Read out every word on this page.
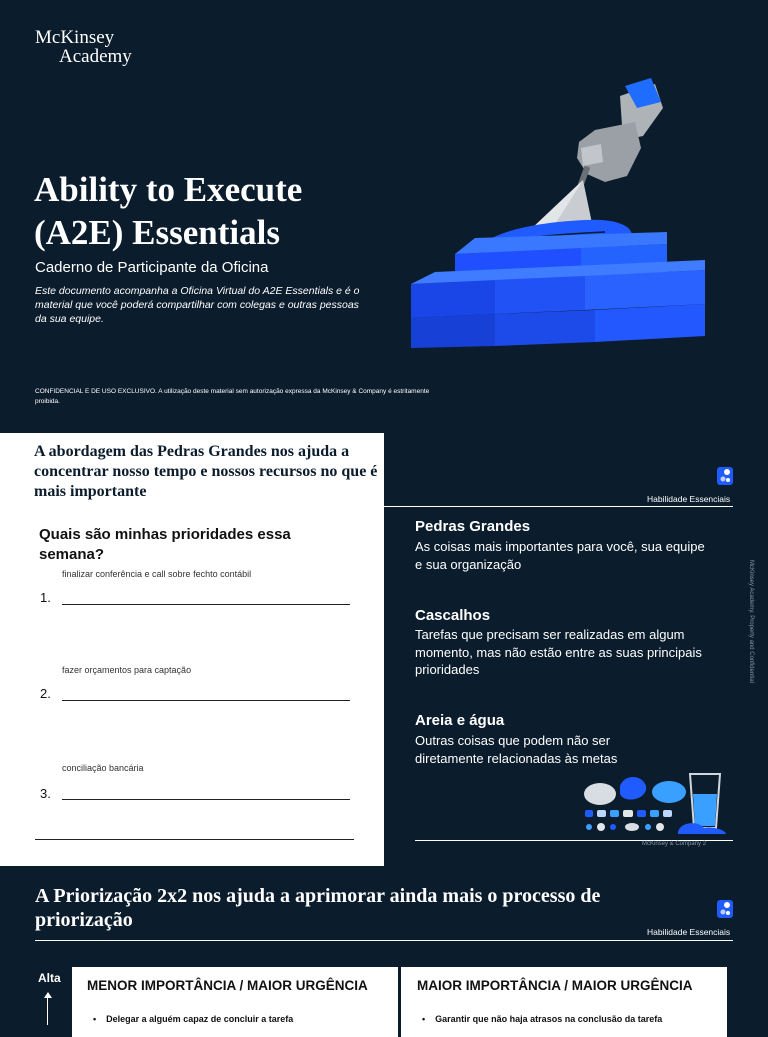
McKinsey
Academy
Ability to Execute
(A2E) Essentials
Caderno de Participante da Oficina
Este documento acompanha a Oficina Virtual do A2E Essentials e é o material que você poderá compartilhar com colegas e outras pessoas da sua equipe.
CONFIDENCIAL E DE USO EXCLUSIVO. A utilização deste material sem autorização expressa da McKinsey & Company é estritamente proibida.
A abordagem das Pedras Grandes nos ajuda a concentrar nosso tempo e nossos recursos no que é mais importante	Habilidade Essenciais
Quais são minhas prioridades essa semana?
finalizar conferência e call sobre fechto contábil
1.
fazer orçamentos para captação
2.
conciliação bancária
3.
Pedras Grandes
As coisas mais importantes para você, sua equipe e sua organização
Cascalhos
Tarefas que precisam ser realizadas em algum momento, mas não estão entre as suas principais prioridades
Areia e água
Outras coisas que podem não ser diretamente relacionadas às metas
McKinsey & Company 2
McKinsey Academy. Property and Confidential
A Priorização 2x2 nos ajuda a aprimorar ainda mais o processo de priorização
Habilidade Essenciais
Alta MENOR IMPORTÂNCIA / MAIOR URGÊNCIA
•    Delegar a alguém capaz de concluir a tarefa
MAIOR IMPORTÂNCIA / MAIOR URGÊNCIA
•    Garantir que não haja atrasos na conclusão da tarefa
